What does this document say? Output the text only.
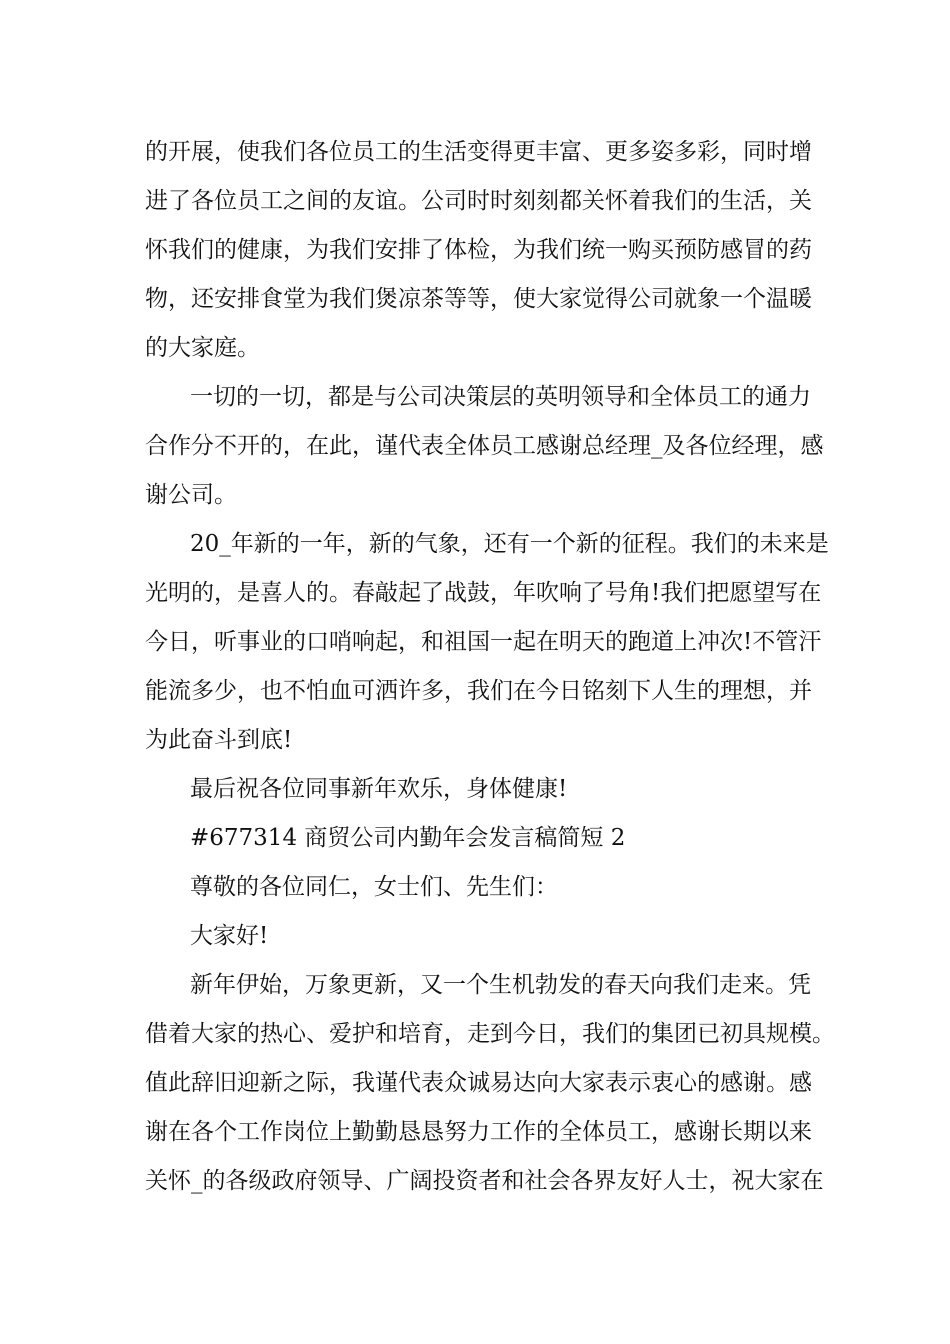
的开展，使我们各位员工的生活变得更丰富、更多姿多彩，同时增
进了各位员工之间的友谊。公司时时刻刻都关怀着我们的生活，关
怀我们的健康，为我们安排了体检，为我们统一购买预防感冒的药
物，还安排食堂为我们煲凉茶等等，使大家觉得公司就象一个温暖
的大家庭。
一切的一切，都是与公司决策层的英明领导和全体员工的通力
合作分不开的，在此，谨代表全体员工感谢总经理_及各位经理，感
谢公司。
20_年新的一年，新的气象，还有一个新的征程。我们的未来是
光明的，是喜人的。春敲起了战鼓，年吹响了号角!我们把愿望写在
今日，听事业的口哨响起，和祖国一起在明天的跑道上冲次!不管汗
能流多少，也不怕血可洒许多，我们在今日铭刻下人生的理想，并
为此奋斗到底!
最后祝各位同事新年欢乐，身体健康!
#677314 商贸公司内勤年会发言稿简短 2
尊敬的各位同仁，女士们、先生们：
大家好!
新年伊始，万象更新，又一个生机勃发的春天向我们走来。凭
借着大家的热心、爱护和培育，走到今日，我们的集团已初具规模。
值此辞旧迎新之际，我谨代表众诚易达向大家表示衷心的感谢。感
谢在各个工作岗位上勤勤恳恳努力工作的全体员工，感谢长期以来
关怀_的各级政府领导、广阔投资者和社会各界友好人士，祝大家在
